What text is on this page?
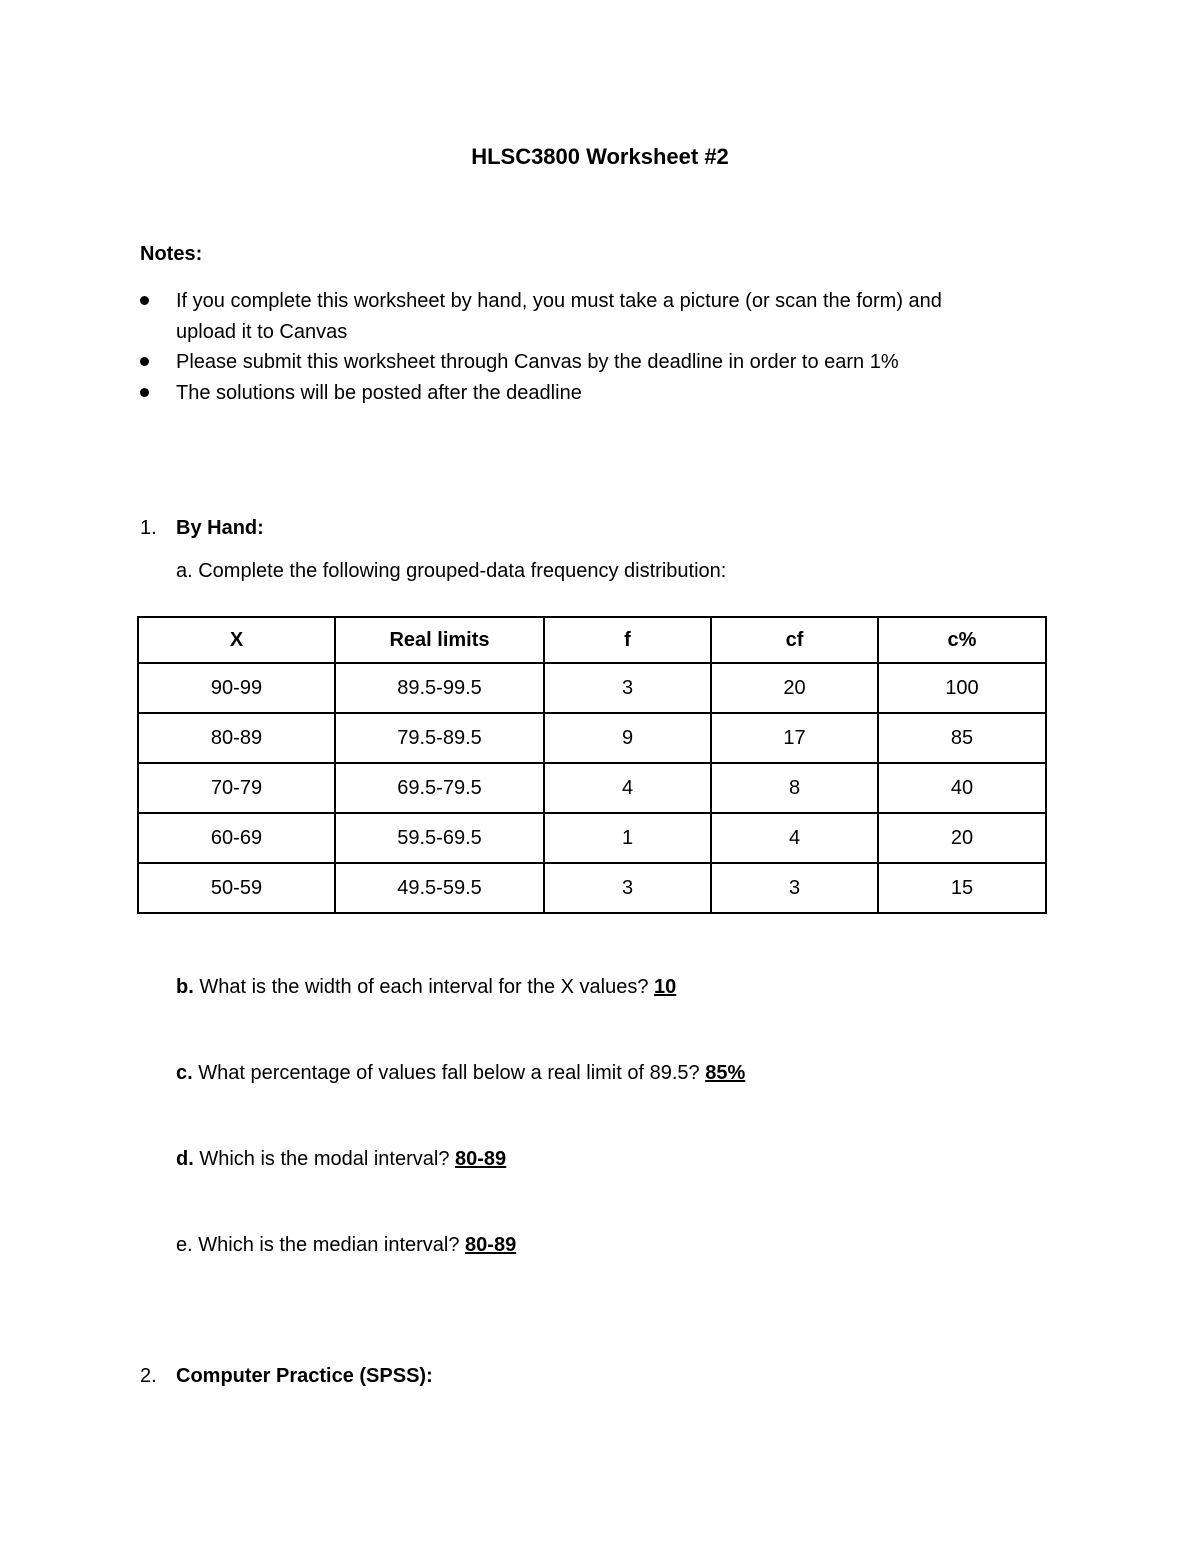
HLSC3800 Worksheet #2
Notes:
If you complete this worksheet by hand, you must take a picture (or scan the form) and
upload it to Canvas
Please submit this worksheet through Canvas by the deadline in order to earn 1%
The solutions will be posted after the deadline
1. By Hand:
a. Complete the following grouped-data frequency distribution:
X	Real limits	f	cf	c%
90-99	89.5-99.5	3	20	100
80-89	79.5-89.5	9	17	85
70-79	69.5-79.5	4	8	40
60-69	59.5-69.5	1	4	20
50-59	49.5-59.5	3	3	15
b. What is the width of each interval for the X values? 10
c. What percentage of values fall below a real limit of 89.5? 85%
d. Which is the modal interval? 80-89
e. Which is the median interval? 80-89
2. Computer Practice (SPSS):
